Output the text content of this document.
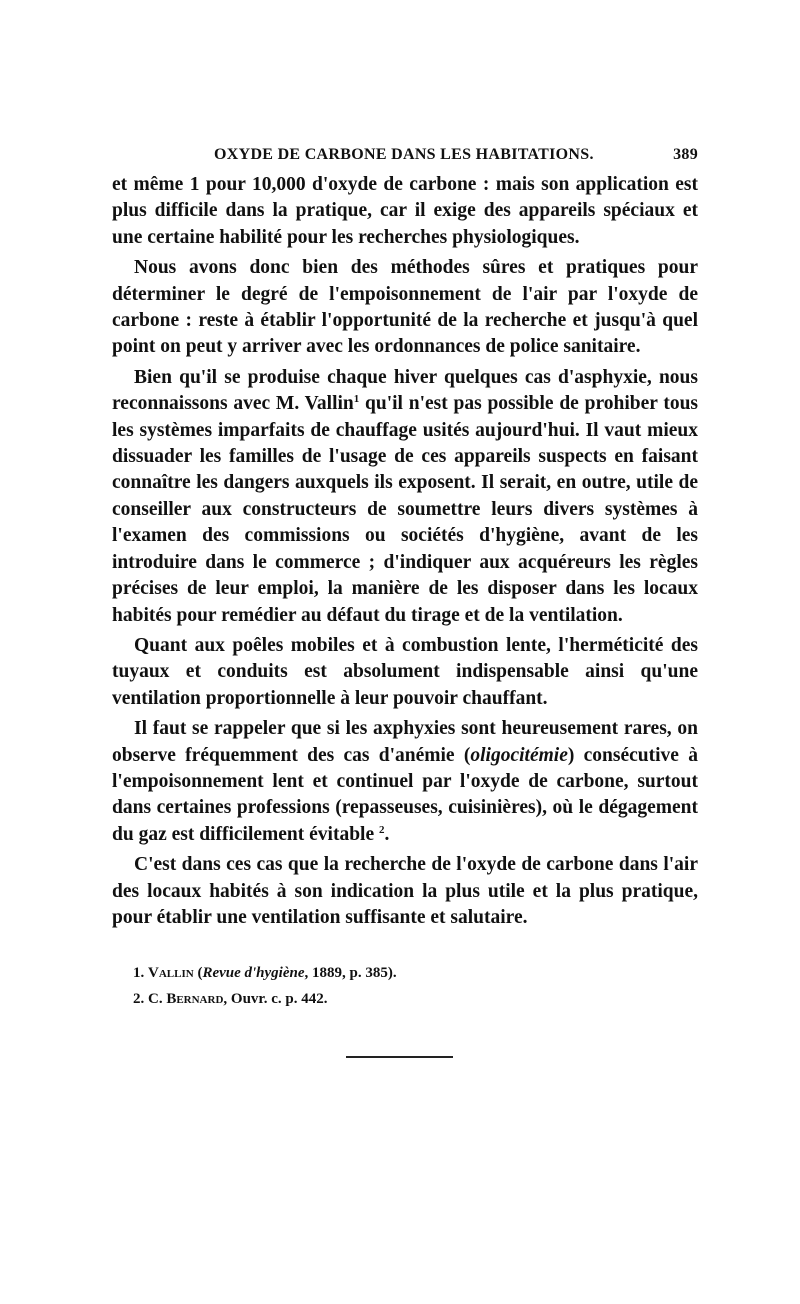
OXYDE DE CARBONE DANS LES HABITATIONS.	389

et même 1 pour 10,000 d'oxyde de carbone : mais son application est plus difficile dans la pratique, car il exige des appareils spéciaux et une certaine habilité pour les recherches physiologiques.

Nous avons donc bien des méthodes sûres et pratiques pour déterminer le degré de l'empoisonnement de l'air par l'oxyde de carbone : reste à établir l'opportunité de la recherche et jusqu'à quel point on peut y arriver avec les ordonnances de police sanitaire.

Bien qu'il se produise chaque hiver quelques cas d'asphyxie, nous reconnaissons avec M. Vallin$^1$ qu'il n'est pas possible de prohiber tous les systèmes imparfaits de chauffage usités aujourd'hui. Il vaut mieux dissuader les familles de l'usage de ces appareils suspects en faisant connaître les dangers auxquels ils exposent. Il serait, en outre, utile de conseiller aux constructeurs de soumettre leurs divers systèmes à l'examen des commissions ou sociétés d'hygiène, avant de les introduire dans le commerce ; d'indiquer aux acquéreurs les règles précises de leur emploi, la manière de les disposer dans les locaux habités pour remédier au défaut du tirage et de la ventilation.

Quant aux poêles mobiles et à combustion lente, l'herméticité des tuyaux et conduits est absolument indispensable ainsi qu'une ventilation proportionnelle à leur pouvoir chauffant.

Il faut se rappeler que si les axphyxies sont heureusement rares, on observe fréquemment des cas d'anémie (oligocitémie) consécutive à l'empoisonnement lent et continuel par l'oxyde de carbone, surtout dans certaines professions (repasseuses, cuisinières), où le dégagement du gaz est difficilement évitable $^2$.

C'est dans ces cas que la recherche de l'oxyde de carbone dans l'air des locaux habités à son indication la plus utile et la plus pratique, pour établir une ventilation suffisante et salutaire.

1. Vallin (Revue d'hygiène, 1889, p. 385).
2. C. Bernard, Ouvr. c. p. 442.
